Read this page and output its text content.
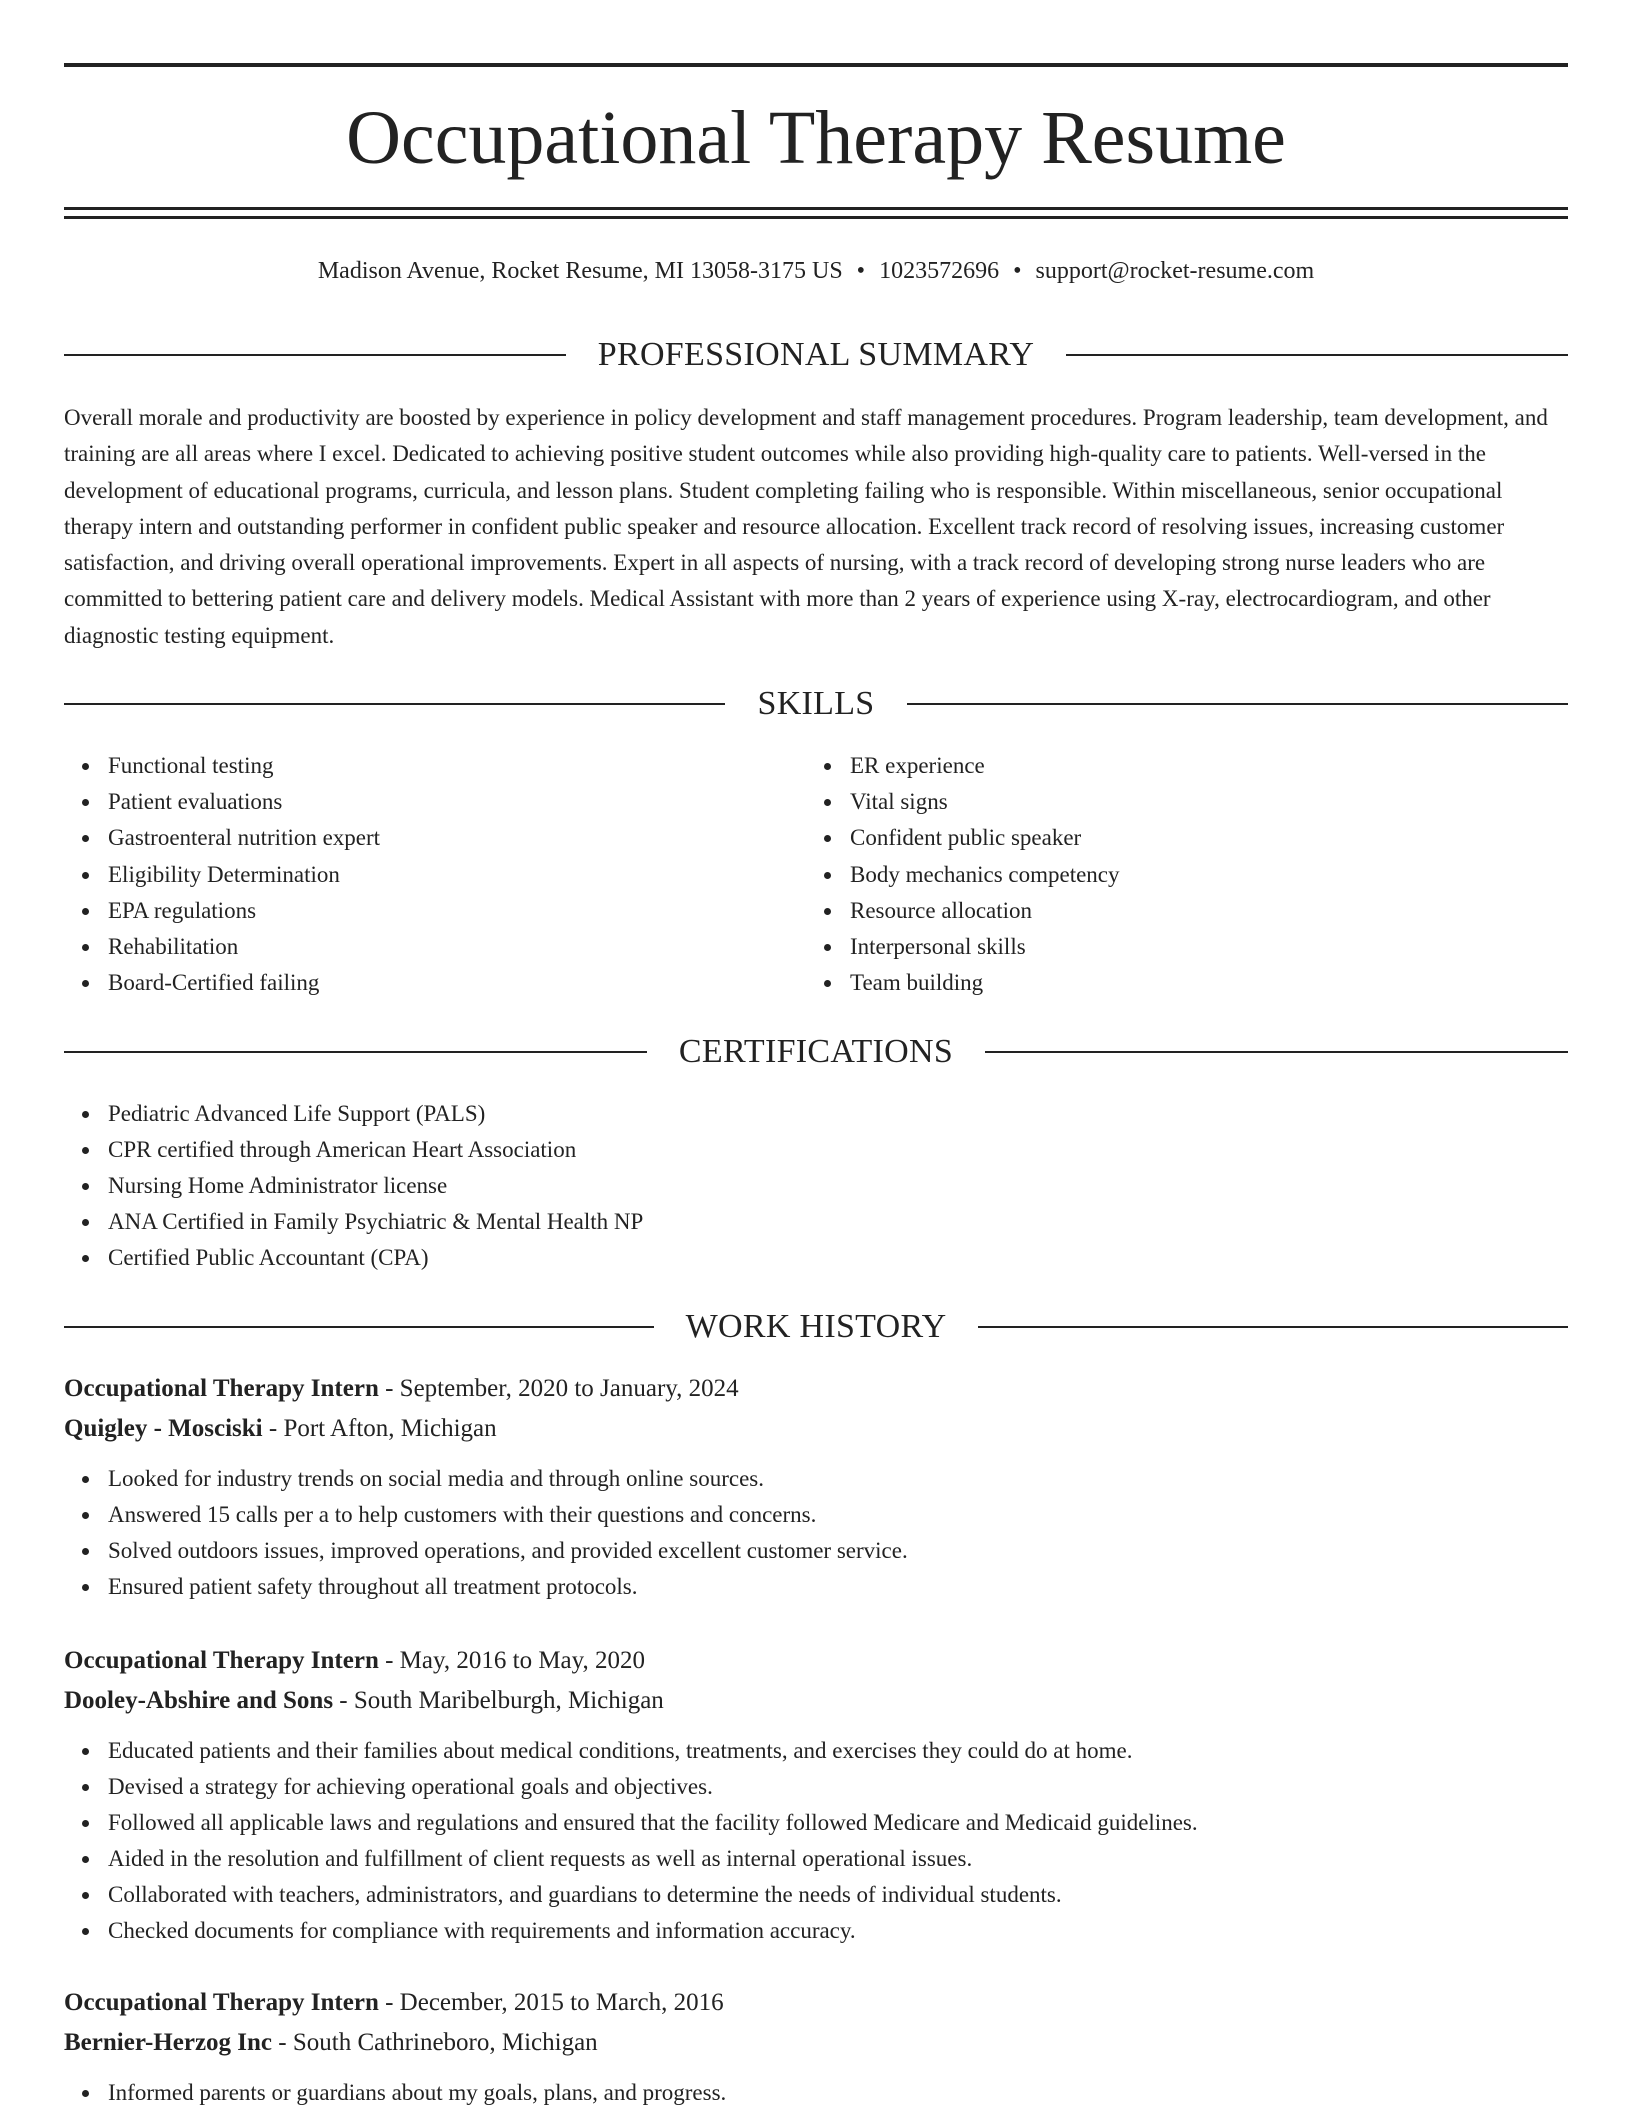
Occupational Therapy Resume
Madison Avenue, Rocket Resume, MI 13058-3175 US • 1023572696 • support@rocket-resume.com
PROFESSIONAL SUMMARY

Overall morale and productivity are boosted by experience in policy development and staff management procedures. Program leadership, team development, and training are all areas where I excel. Dedicated to achieving positive student outcomes while also providing high-quality care to patients. Well-versed in the development of educational programs, curricula, and lesson plans. Student completing failing who is responsible. Within miscellaneous, senior occupational therapy intern and outstanding performer in confident public speaker and resource allocation. Excellent track record of resolving issues, increasing customer satisfaction, and driving overall operational improvements. Expert in all aspects of nursing, with a track record of developing strong nurse leaders who are committed to bettering patient care and delivery models. Medical Assistant with more than 2 years of experience using X-ray, electrocardiogram, and other diagnostic testing equipment.

SKILLS
Functional testing
Patient evaluations
Gastroenteral nutrition expert
Eligibility Determination
EPA regulations
Rehabilitation
Board-Certified failing
ER experience
Vital signs
Confident public speaker
Body mechanics competency
Resource allocation
Interpersonal skills
Team building
CERTIFICATIONS
Pediatric Advanced Life Support (PALS)
CPR certified through American Heart Association
Nursing Home Administrator license
ANA Certified in Family Psychiatric & Mental Health NP
Certified Public Accountant (CPA)
WORK HISTORY
Occupational Therapy Intern - September, 2020 to January, 2024
Quigley - Mosciski - Port Afton, Michigan
Looked for industry trends on social media and through online sources.
Answered 15 calls per a to help customers with their questions and concerns.
Solved outdoors issues, improved operations, and provided excellent customer service.
Ensured patient safety throughout all treatment protocols.
Occupational Therapy Intern - May, 2016 to May, 2020
Dooley-Abshire and Sons - South Maribelburgh, Michigan
Educated patients and their families about medical conditions, treatments, and exercises they could do at home.
Devised a strategy for achieving operational goals and objectives.
Followed all applicable laws and regulations and ensured that the facility followed Medicare and Medicaid guidelines.
Aided in the resolution and fulfillment of client requests as well as internal operational issues.
Collaborated with teachers, administrators, and guardians to determine the needs of individual students.
Checked documents for compliance with requirements and information accuracy.
Occupational Therapy Intern - December, 2015 to March, 2016
Bernier-Herzog Inc - South Cathrineboro, Michigan
Informed parents or guardians about my goals, plans, and progress.
